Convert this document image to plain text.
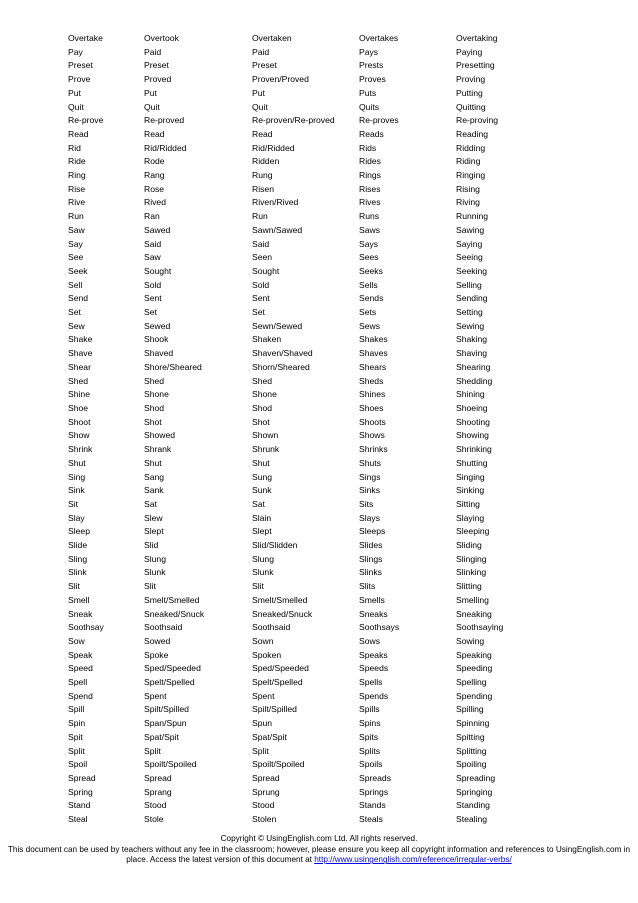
Overtake	Overtook	Overtaken	Overtakes	Overtaking
Pay	Paid	Paid	Pays	Paying
Preset	Preset	Preset	Prests	Presetting
Prove	Proved	Proven/Proved	Proves	Proving
Put	Put	Put	Puts	Putting
Quit	Quit	Quit	Quits	Quitting
Re-prove	Re-proved	Re-proven/Re-proved	Re-proves	Re-proving
Read	Read	Read	Reads	Reading
Rid	Rid/Ridded	Rid/Ridded	Rids	Ridding
Ride	Rode	Ridden	Rides	Riding
Ring	Rang	Rung	Rings	Ringing
Rise	Rose	Risen	Rises	Rising
Rive	Rived	Riven/Rived	Rives	Riving
Run	Ran	Run	Runs	Running
Saw	Sawed	Sawn/Sawed	Saws	Sawing
Say	Said	Said	Says	Saying
See	Saw	Seen	Sees	Seeing
Seek	Sought	Sought	Seeks	Seeking
Sell	Sold	Sold	Sells	Selling
Send	Sent	Sent	Sends	Sending
Set	Set	Set	Sets	Setting
Sew	Sewed	Sewn/Sewed	Sews	Sewing
Shake	Shook	Shaken	Shakes	Shaking
Shave	Shaved	Shaven/Shaved	Shaves	Shaving
Shear	Shore/Sheared	Shorn/Sheared	Shears	Shearing
Shed	Shed	Shed	Sheds	Shedding
Shine	Shone	Shone	Shines	Shining
Shoe	Shod	Shod	Shoes	Shoeing
Shoot	Shot	Shot	Shoots	Shooting
Show	Showed	Shown	Shows	Showing
Shrink	Shrank	Shrunk	Shrinks	Shrinking
Shut	Shut	Shut	Shuts	Shutting
Sing	Sang	Sung	Sings	Singing
Sink	Sank	Sunk	Sinks	Sinking
Sit	Sat	Sat	Sits	Sitting
Slay	Slew	Slain	Slays	Slaying
Sleep	Slept	Slept	Sleeps	Sleeping
Slide	Slid	Slid/Slidden	Slides	Sliding
Sling	Slung	Slung	Slings	Slinging
Slink	Slunk	Slunk	Slinks	Slinking
Slit	Slit	Slit	Slits	Slitting
Smell	Smelt/Smelled	Smelt/Smelled	Smells	Smelling
Sneak	Sneaked/Snuck	Sneaked/Snuck	Sneaks	Sneaking
Soothsay	Soothsaid	Soothsaid	Soothsays	Soothsaying
Sow	Sowed	Sown	Sows	Sowing
Speak	Spoke	Spoken	Speaks	Speaking
Speed	Sped/Speeded	Sped/Speeded	Speeds	Speeding
Spell	Spelt/Spelled	Spelt/Spelled	Spells	Spelling
Spend	Spent	Spent	Spends	Spending
Spill	Spilt/Spilled	Spilt/Spilled	Spills	Spilling
Spin	Span/Spun	Spun	Spins	Spinning
Spit	Spat/Spit	Spat/Spit	Spits	Spitting
Split	Split	Split	Splits	Splitting
Spoil	Spoilt/Spoiled	Spoilt/Spoiled	Spoils	Spoiling
Spread	Spread	Spread	Spreads	Spreading
Spring	Sprang	Sprung	Springs	Springing
Stand	Stood	Stood	Stands	Standing
Steal	Stole	Stolen	Steals	Stealing
Copyright © UsingEnglish.com Ltd. All rights reserved.
This document can be used by teachers without any fee in the classroom; however, please ensure you keep all copyright information and references to UsingEnglish.com in place. Access the latest version of this document at http://www.usingenglish.com/reference/irregular-verbs/
